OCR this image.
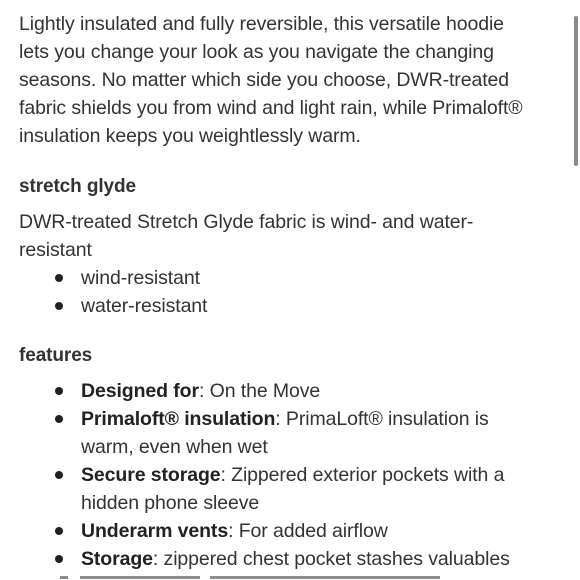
Lightly insulated and fully reversible, this versatile hoodie
lets you change your look as you navigate the changing
seasons. No matter which side you choose, DWR-treated
fabric shields you from wind and light rain, while Primaloft®
insulation keeps you weightlessly warm.

stretch glyde

DWR-treated Stretch Glyde fabric is wind- and water-
resistant

wind-resistant
water-resistant
features
Designed for: On the Move
Primaloft® insulation: PrimaLoft® insulation is
warm, even when wet
Secure storage: Zippered exterior pockets with a
hidden phone sleeve
Underarm vents: For added airflow
Storage: zippered chest pocket stashes valuables
